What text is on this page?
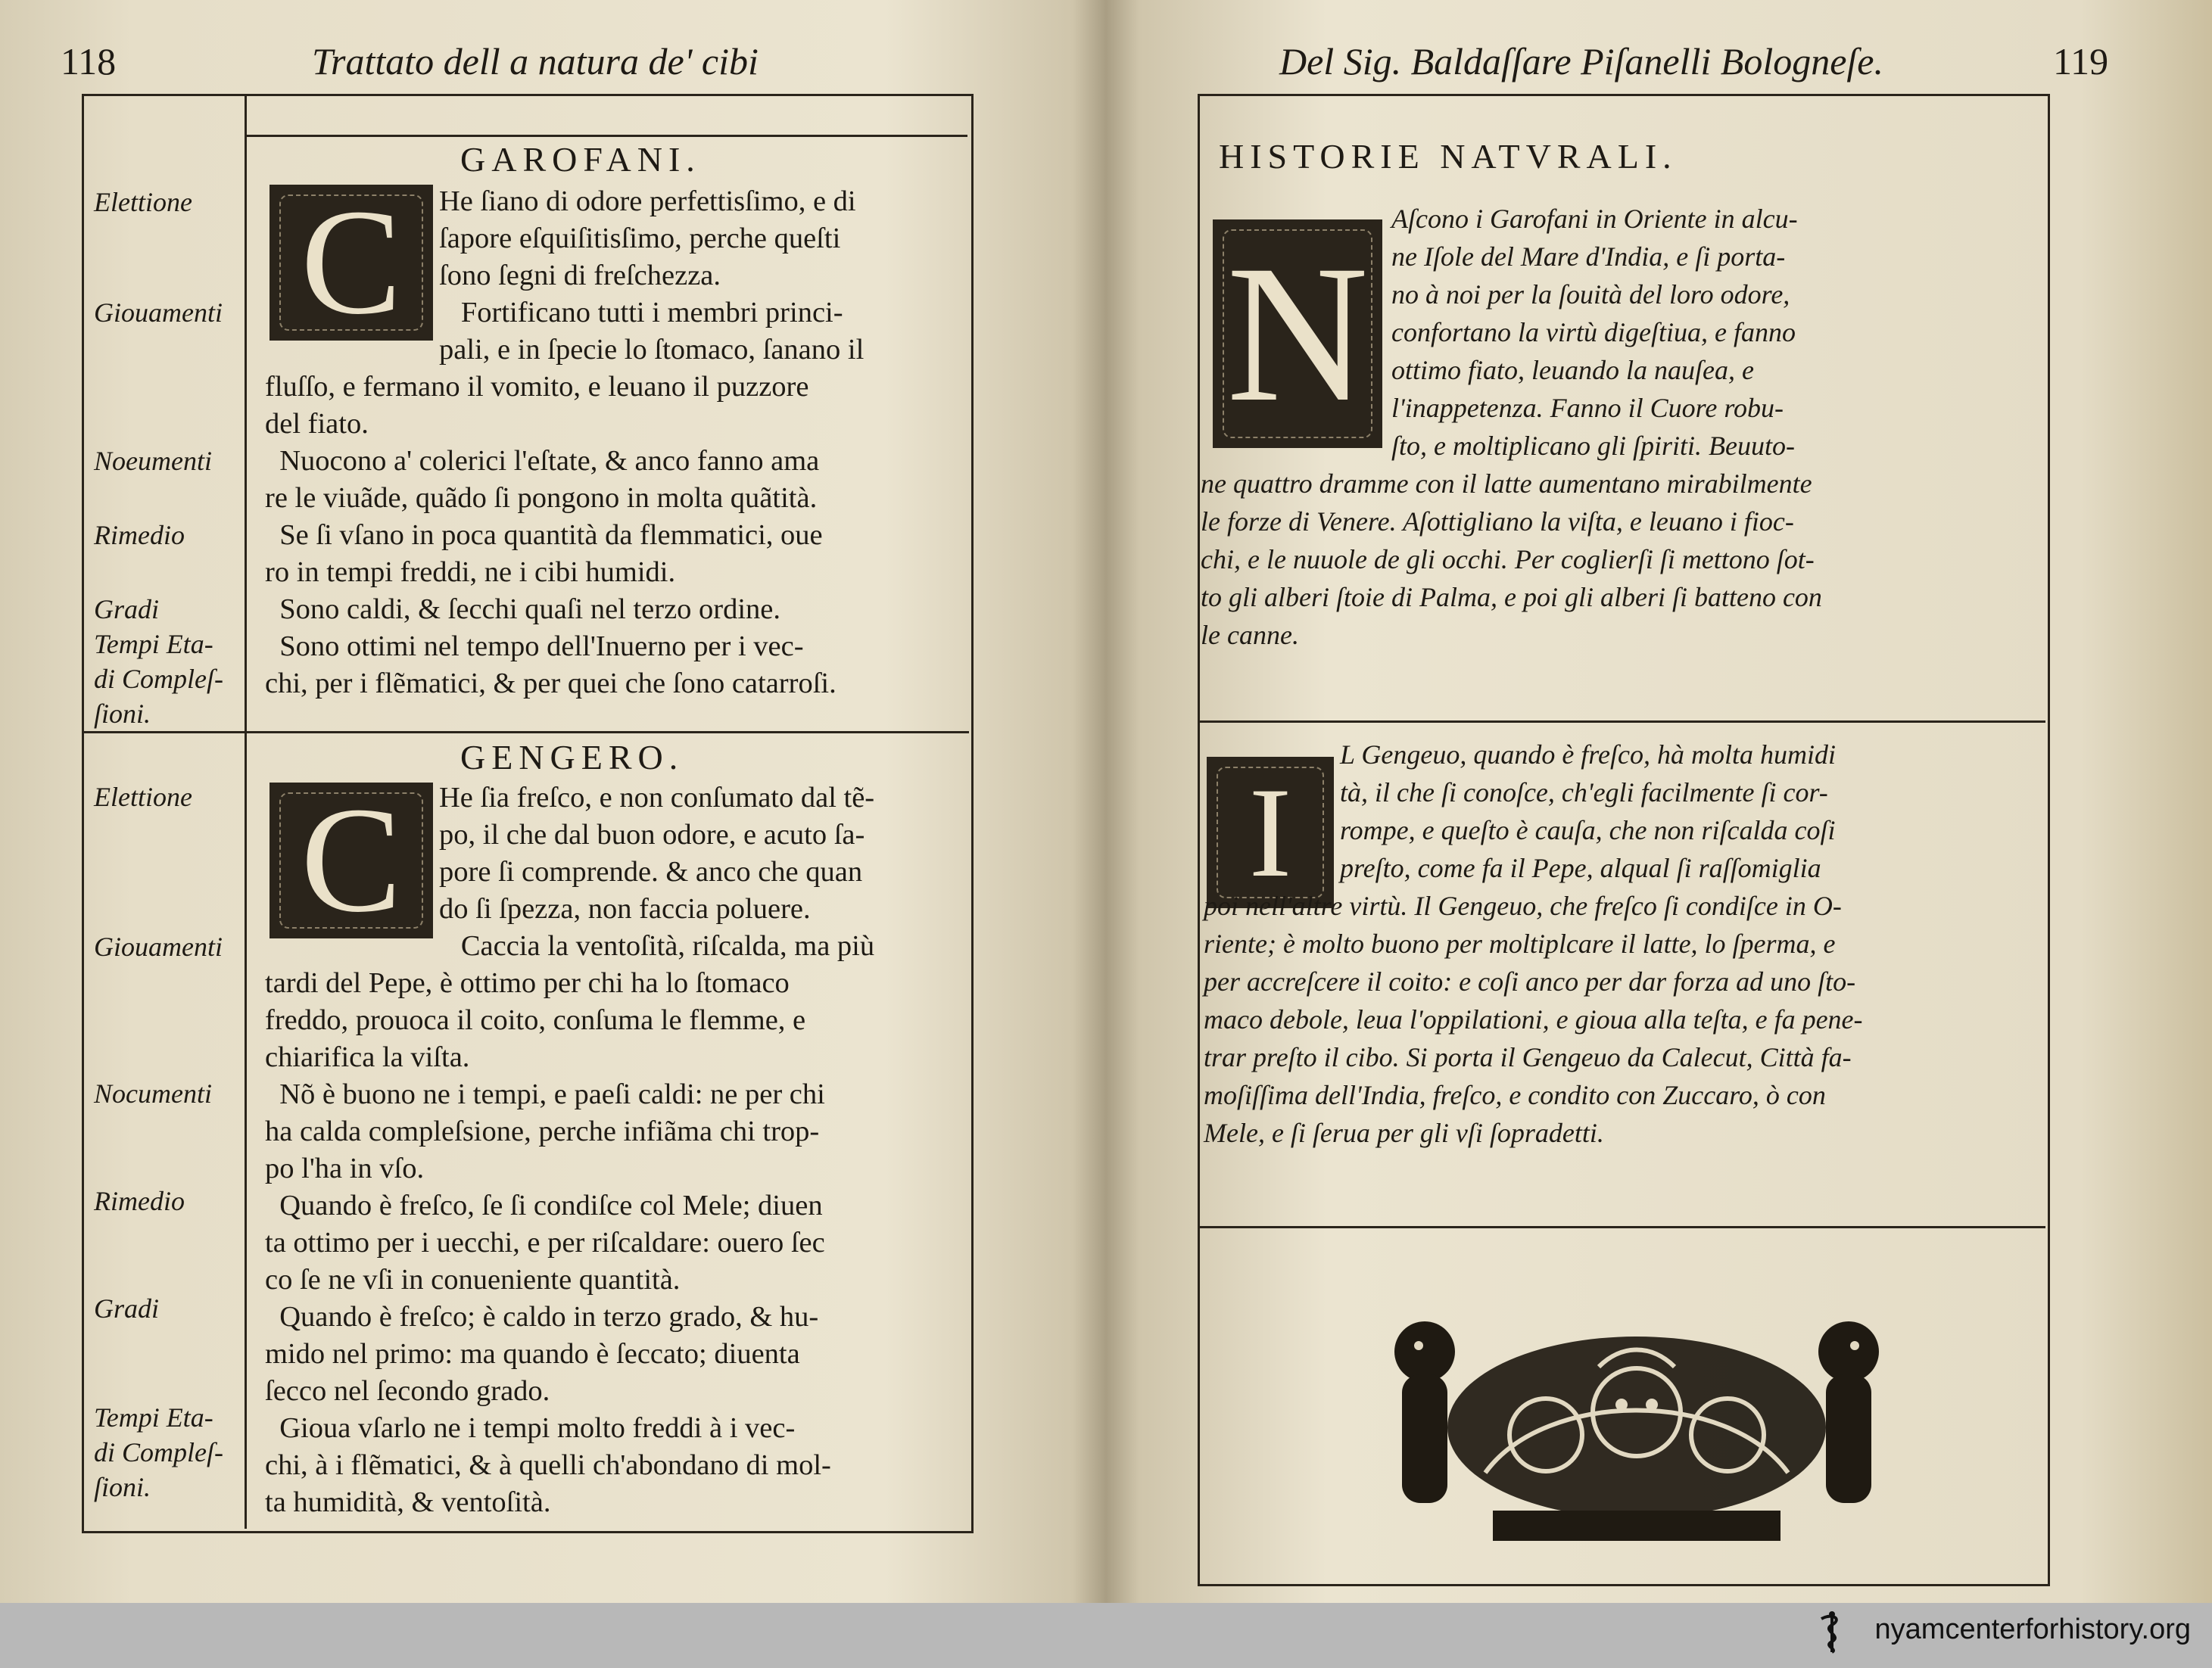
118	Trattato dell a natura de' cibi
GAROFANI.
C	He ſiano di odore perfettisſimo, e di
ſapore eſquiſitisſimo, perche queſti
ſono ſegni di freſchezza.
Fortificano tutti i membri princi-
pali, e in ſpecie lo ſtomaco, ſanano il
fluſſo, e fermano il vomito, e leuano il puzzore
del fiato.
Nuocono a' colerici l'eſtate, & anco fanno ama
re le viuãde, quãdo ſi pongono in molta quãtità.
Se ſi vſano in poca quantità da flemmatici, oue
ro in tempi freddi, ne i cibi humidi.
Sono caldi, & ſecchi quaſi nel terzo ordine.
Sono ottimi nel tempo dell'Inuerno per i vec-
chi, per i flẽmatici, & per quei che ſono catarroſi.
Elettione
Giouamenti
Noeumenti
Rimedio
Gradi
Tempi Eta-
di Compleſ-
ſioni.
GENGERO.
C	He ſia freſco, e non conſumato dal tẽ-
po, il che dal buon odore, e acuto ſa-
pore ſi comprende. & anco che quan
do ſi ſpezza, non faccia poluere.
Caccia la ventoſità, riſcalda, ma più
tardi del Pepe, è ottimo per chi ha lo ſtomaco
freddo, prouoca il coito, conſuma le flemme, e
chiarifica la viſta.
Nõ è buono ne i tempi, e paeſi caldi: ne per chi
ha calda compleſsione, perche infiãma chi trop-
po l'ha in vſo.
Quando è freſco, ſe ſi condiſce col Mele; diuen
ta ottimo per i uecchi, e per riſcaldare: ouero ſec
co ſe ne vſi in conueniente quantità.
Quando è freſco; è caldo in terzo grado, & hu-
mido nel primo: ma quando è ſeccato; diuenta
ſecco nel ſecondo grado.
Gioua vſarlo ne i tempi molto freddi à i vec-
chi, à i flẽmatici, & à quelli ch'abondano di mol-
ta humidità, & ventoſità.
Elettione
Giouamenti
Nocumenti
Rimedio
Gradi
Tempi Eta-
di Compleſ-
ſioni.
Del Sig. Baldaſſare Piſanelli Bologneſe.	119
HISTORIE NATVRALI.
N
Aſcono i Garofani in Oriente in alcu-
ne Iſole del Mare d'India, e ſi porta-
no à noi per la ſouità del loro odore,
confortano la virtù digeſtiua, e fanno
ottimo fiato, leuando la nauſea, e
l'inappetenza. Fanno il Cuore robu-
ſto, e moltiplicano gli ſpiriti. Beuuto-
ne quattro dramme con il latte aumentano mirabilmente
le forze di Venere. Aſottigliano la viſta, e leuano i fioc-
chi, e le nuuole de gli occhi. Per coglierſi ſi mettono ſot-
to gli alberi ſtoie di Palma, e poi gli alberi ſi batteno con
le canne.
I
L Gengeuo, quando è freſco, hà molta humidi
tà, il che ſi conoſce, ch'egli facilmente ſi cor-
rompe, e queſto è cauſa, che non riſcalda coſi
preſto, come fa il Pepe, alqual ſi raſſomiglia
poi nell'altre virtù. Il Gengeuo, che freſco ſi condiſce in O-
riente; è molto buono per moltiplcare il latte, lo ſperma, e
per accreſcere il coito: e coſi anco per dar forza ad uno ſto-
maco debole, leua l'oppilationi, e gioua alla teſta, e fa pene-
trar preſto il cibo. Si porta il Gengeuo da Calecut, Città fa-
moſiſſima dell'India, freſco, e condito con Zuccaro, ò con
Mele, e ſi ſerua per gli vſi ſopradetti.
nyamcenterforhistory.org
